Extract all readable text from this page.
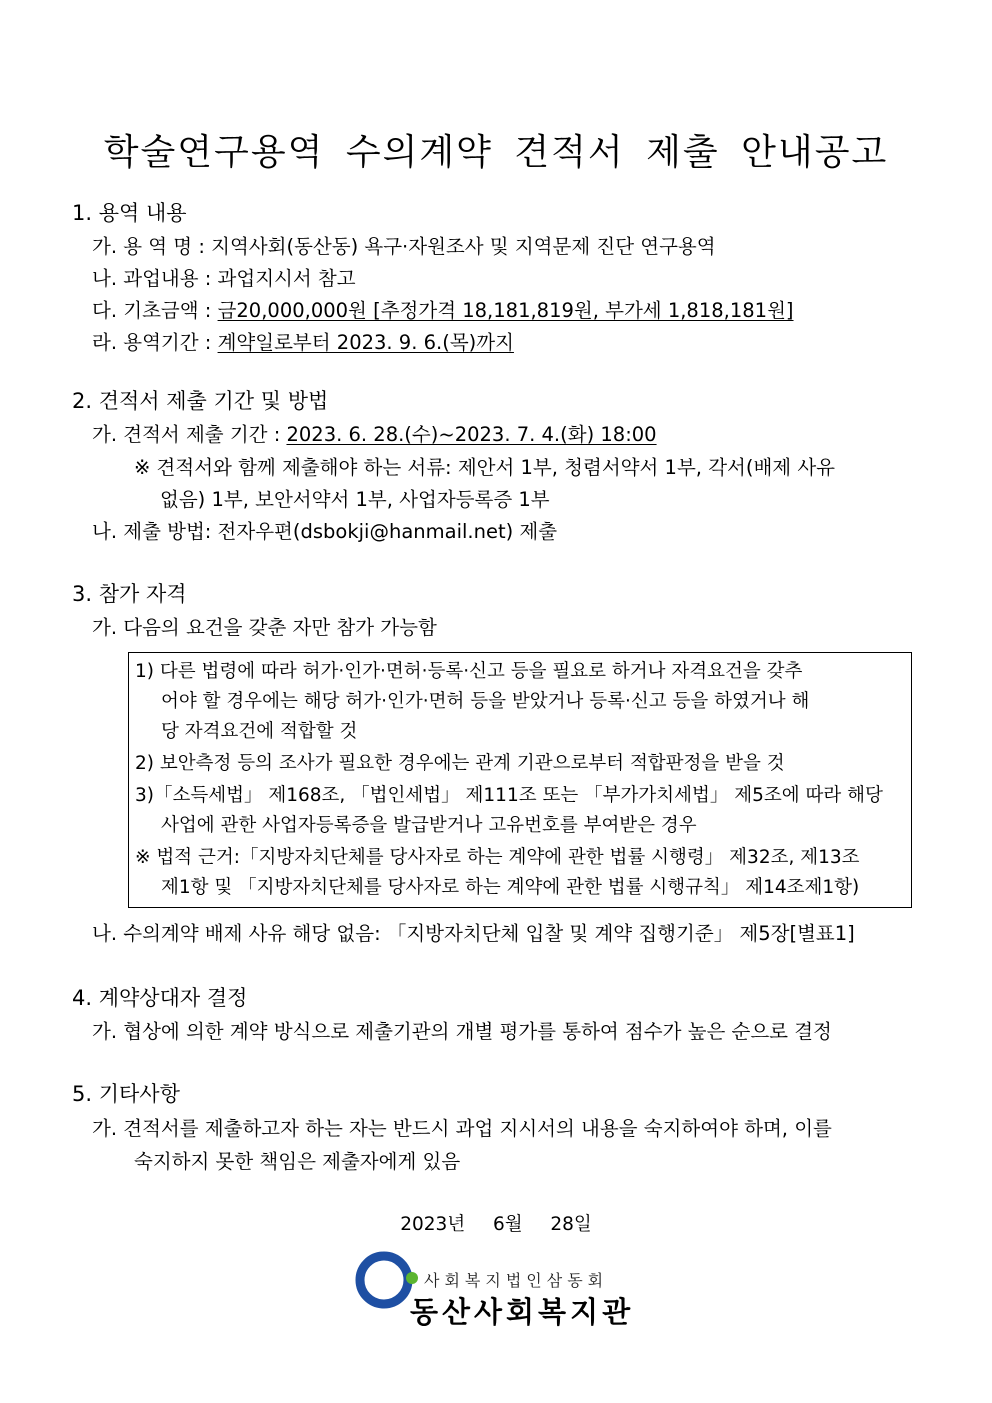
학술연구용역 수의계약 견적서 제출 안내공고
1. 용역 내용
가. 용 역 명 : 지역사회(동산동) 욕구·자원조사 및 지역문제 진단 연구용역
나. 과업내용 : 과업지시서 참고
다. 기초금액 : 금20,000,000원 [추정가격 18,181,819원, 부가세 1,818,181원]
라. 용역기간 : 계약일로부터 2023. 9. 6.(목)까지
2. 견적서 제출 기간 및 방법
가. 견적서 제출 기간 : 2023. 6. 28.(수)~2023. 7. 4.(화) 18:00
※ 견적서와 함께 제출해야 하는 서류: 제안서 1부, 청렴서약서 1부, 각서(배제 사유
없음) 1부, 보안서약서 1부, 사업자등록증 1부
나. 제출 방법: 전자우편(dsbokji@hanmail.net) 제출
3. 참가 자격
가. 다음의 요건을 갖춘 자만 참가 가능함
1) 다른 법령에 따라 허가·인가·면허·등록·신고 등을 필요로 하거나 자격요건을 갖추
어야 할 경우에는 해당 허가·인가·면허 등을 받았거나 등록·신고 등을 하였거나 해
당 자격요건에 적합할 것
2) 보안측정 등의 조사가 필요한 경우에는 관계 기관으로부터 적합판정을 받을 것
3)「소득세법」 제168조, 「법인세법」 제111조 또는 「부가가치세법」 제5조에 따라 해당
사업에 관한 사업자등록증을 발급받거나 고유번호를 부여받은 경우
※ 법적 근거:「지방자치단체를 당사자로 하는 계약에 관한 법률 시행령」 제32조, 제13조
제1항 및 「지방자치단체를 당사자로 하는 계약에 관한 법률 시행규칙」 제14조제1항)
나. 수의계약 배제 사유 해당 없음: 「지방자치단체 입찰 및 계약 집행기준」 제5장[별표1]
4. 계약상대자 결정
가. 협상에 의한 계약 방식으로 제출기관의 개별 평가를 통하여 점수가 높은 순으로 결정
5. 기타사항
가. 견적서를 제출하고자 하는 자는 반드시 과업 지시서의 내용을 숙지하여야 하며, 이를
숙지하지 못한 책임은 제출자에게 있음
2023년  6월  28일
사회복지법인삼동회
동산사회복지관
